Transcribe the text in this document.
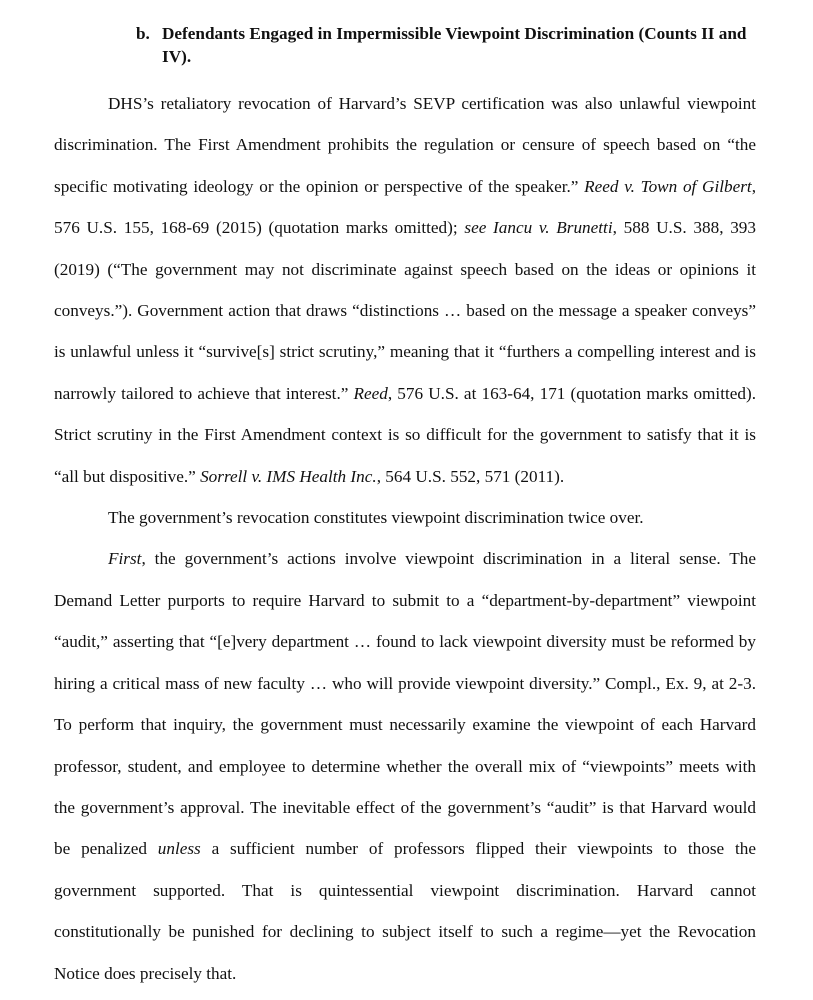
b. Defendants Engaged in Impermissible Viewpoint Discrimination (Counts II and IV).

DHS’s retaliatory revocation of Harvard’s SEVP certification was also unlawful viewpoint discrimination. The First Amendment prohibits the regulation or censure of speech based on “the specific motivating ideology or the opinion or perspective of the speaker.” Reed v. Town of Gilbert, 576 U.S. 155, 168-69 (2015) (quotation marks omitted); see Iancu v. Brunetti, 588 U.S. 388, 393 (2019) (“The government may not discriminate against speech based on the ideas or opinions it conveys.”). Government action that draws “distinctions … based on the message a speaker conveys” is unlawful unless it “survive[s] strict scrutiny,” meaning that it “furthers a compelling interest and is narrowly tailored to achieve that interest.” Reed, 576 U.S. at 163-64, 171 (quotation marks omitted). Strict scrutiny in the First Amendment context is so difficult for the government to satisfy that it is “all but dispositive.” Sorrell v. IMS Health Inc., 564 U.S. 552, 571 (2011).

The government’s revocation constitutes viewpoint discrimination twice over.

First, the government’s actions involve viewpoint discrimination in a literal sense. The Demand Letter purports to require Harvard to submit to a “department-by-department” viewpoint “audit,” asserting that “[e]very department … found to lack viewpoint diversity must be reformed by hiring a critical mass of new faculty … who will provide viewpoint diversity.” Compl., Ex. 9, at 2-3. To perform that inquiry, the government must necessarily examine the viewpoint of each Harvard professor, student, and employee to determine whether the overall mix of “viewpoints” meets with the government’s approval. The inevitable effect of the government’s “audit” is that Harvard would be penalized unless a sufficient number of professors flipped their viewpoints to those the government supported. That is quintessential viewpoint discrimination. Harvard cannot constitutionally be punished for declining to subject itself to such a regime—yet the Revocation Notice does precisely that.
